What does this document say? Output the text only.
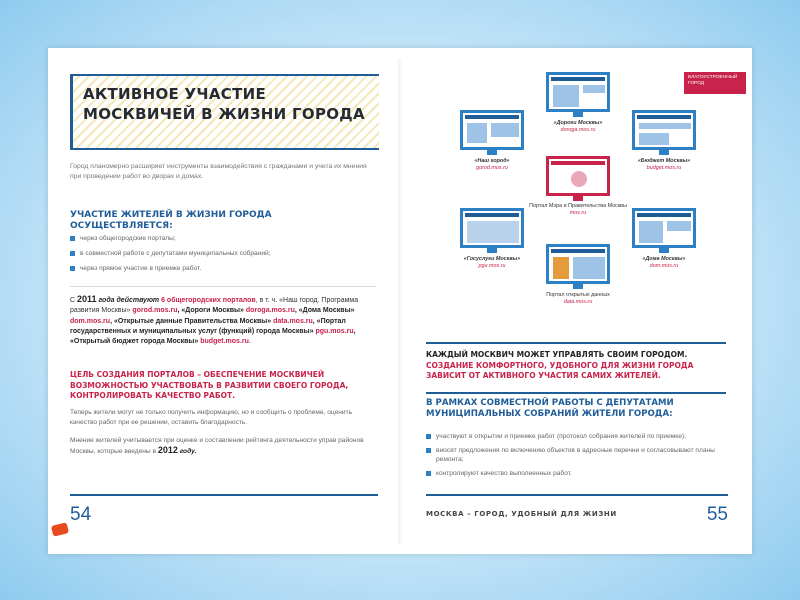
АКТИВНОЕ УЧАСТИЕ МОСКВИЧЕЙ В ЖИЗНИ ГОРОДА
Город планомерно расширяет инструменты взаимодействия с гражданами и учета их мнения при проведении работ во дворах и домах.
УЧАСТИЕ ЖИТЕЛЕЙ В ЖИЗНИ ГОРОДА ОСУЩЕСТВЛЯЕТСЯ:
через общегородские порталы;
в совместной работе с депутатами муниципальных собраний;
через прямое участие в приемке работ.
С 2011 года действуют 6 общегородских порталов, в т. ч. «Наш город. Программа развития Москвы» gorod.mos.ru, «Дороги Москвы» doroga.mos.ru, «Дома Москвы» dom.mos.ru, «Открытые данные Правительства Москвы» data.mos.ru, «Портал государственных и муниципальных услуг (функций) города Москвы» pgu.mos.ru, «Открытый бюджет города Москвы» budget.mos.ru.
ЦЕЛЬ СОЗДАНИЯ ПОРТАЛОВ – ОБЕСПЕЧЕНИЕ МОСКВИЧЕЙ ВОЗМОЖНОСТЬЮ УЧАСТВОВАТЬ В РАЗВИТИИ СВОЕГО ГОРОДА, КОНТРОЛИРОВАТЬ КАЧЕСТВО РАБОТ.
Теперь жители могут не только получить информацию, но и сообщить о проблеме, оценить качество работ при ее решении, оставить благодарность.
Мнение жителей учитывается при оценке и составлении рейтинга деятельности управ районов Москвы, которые введены в 2012 году.
54
БЛАГОУСТРОЕННЫЙ ГОРОД
«Дороги Москвы»
doroga.mos.ru
«Наш город»
gorod.mos.ru
«Бюджет Москвы»
budget.mos.ru
Портал Мэра и Правительства Москвы
mos.ru
«Госуслуги Москвы»
pgu.mos.ru
«Дома Москвы»
dom.mos.ru
Портал открытых данных
data.mos.ru
КАЖДЫЙ МОСКВИЧ МОЖЕТ УПРАВЛЯТЬ СВОИМ ГОРОДОМ. СОЗДАНИЕ КОМФОРТНОГО, УДОБНОГО ДЛЯ ЖИЗНИ ГОРОДА ЗАВИСИТ ОТ АКТИВНОГО УЧАСТИЯ САМИХ ЖИТЕЛЕЙ.
В РАМКАХ СОВМЕСТНОЙ РАБОТЫ С ДЕПУТАТАМИ МУНИЦИПАЛЬНЫХ СОБРАНИЙ ЖИТЕЛИ ГОРОДА:
участвуют в открытии и приемке работ (протокол собрания жителей по приемке);
вносят предложения по включению объектов в адресные перечни и согласовывают планы ремонта;
контролируют качество выполненных работ.
МОСКВА – ГОРОД, УДОБНЫЙ ДЛЯ ЖИЗНИ	55
